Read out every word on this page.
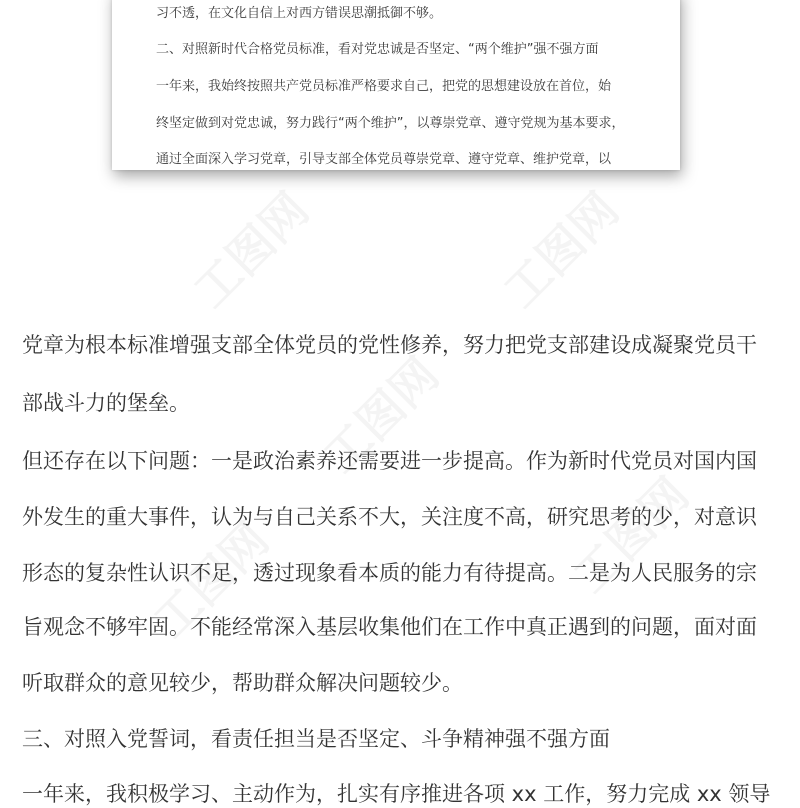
习不透，在文化自信上对西方错误思潮抵御不够。
二、对照新时代合格党员标准，看对党忠诚是否坚定、“两个维护”强不强方面
一年来，我始终按照共产党员标准严格要求自己，把党的思想建设放在首位，始
终坚定做到对党忠诚，努力践行“两个维护”，以尊崇党章、遵守党规为基本要求，
通过全面深入学习党章，引导支部全体党员尊崇党章、遵守党章、维护党章，以
党章为根本标准增强支部全体党员的党性修养，努力把党支部建设成凝聚党员干
部战斗力的堡垒。
但还存在以下问题：一是政治素养还需要进一步提高。作为新时代党员对国内国
外发生的重大事件，认为与自己关系不大，关注度不高，研究思考的少，对意识
形态的复杂性认识不足，透过现象看本质的能力有待提高。二是为人民服务的宗
旨观念不够牢固。不能经常深入基层收集他们在工作中真正遇到的问题，面对面
听取群众的意见较少，帮助群众解决问题较少。
三、对照入党誓词，看责任担当是否坚定、斗争精神强不强方面
一年来，我积极学习、主动作为，扎实有序推进各项 xx 工作，努力完成 xx 领导
